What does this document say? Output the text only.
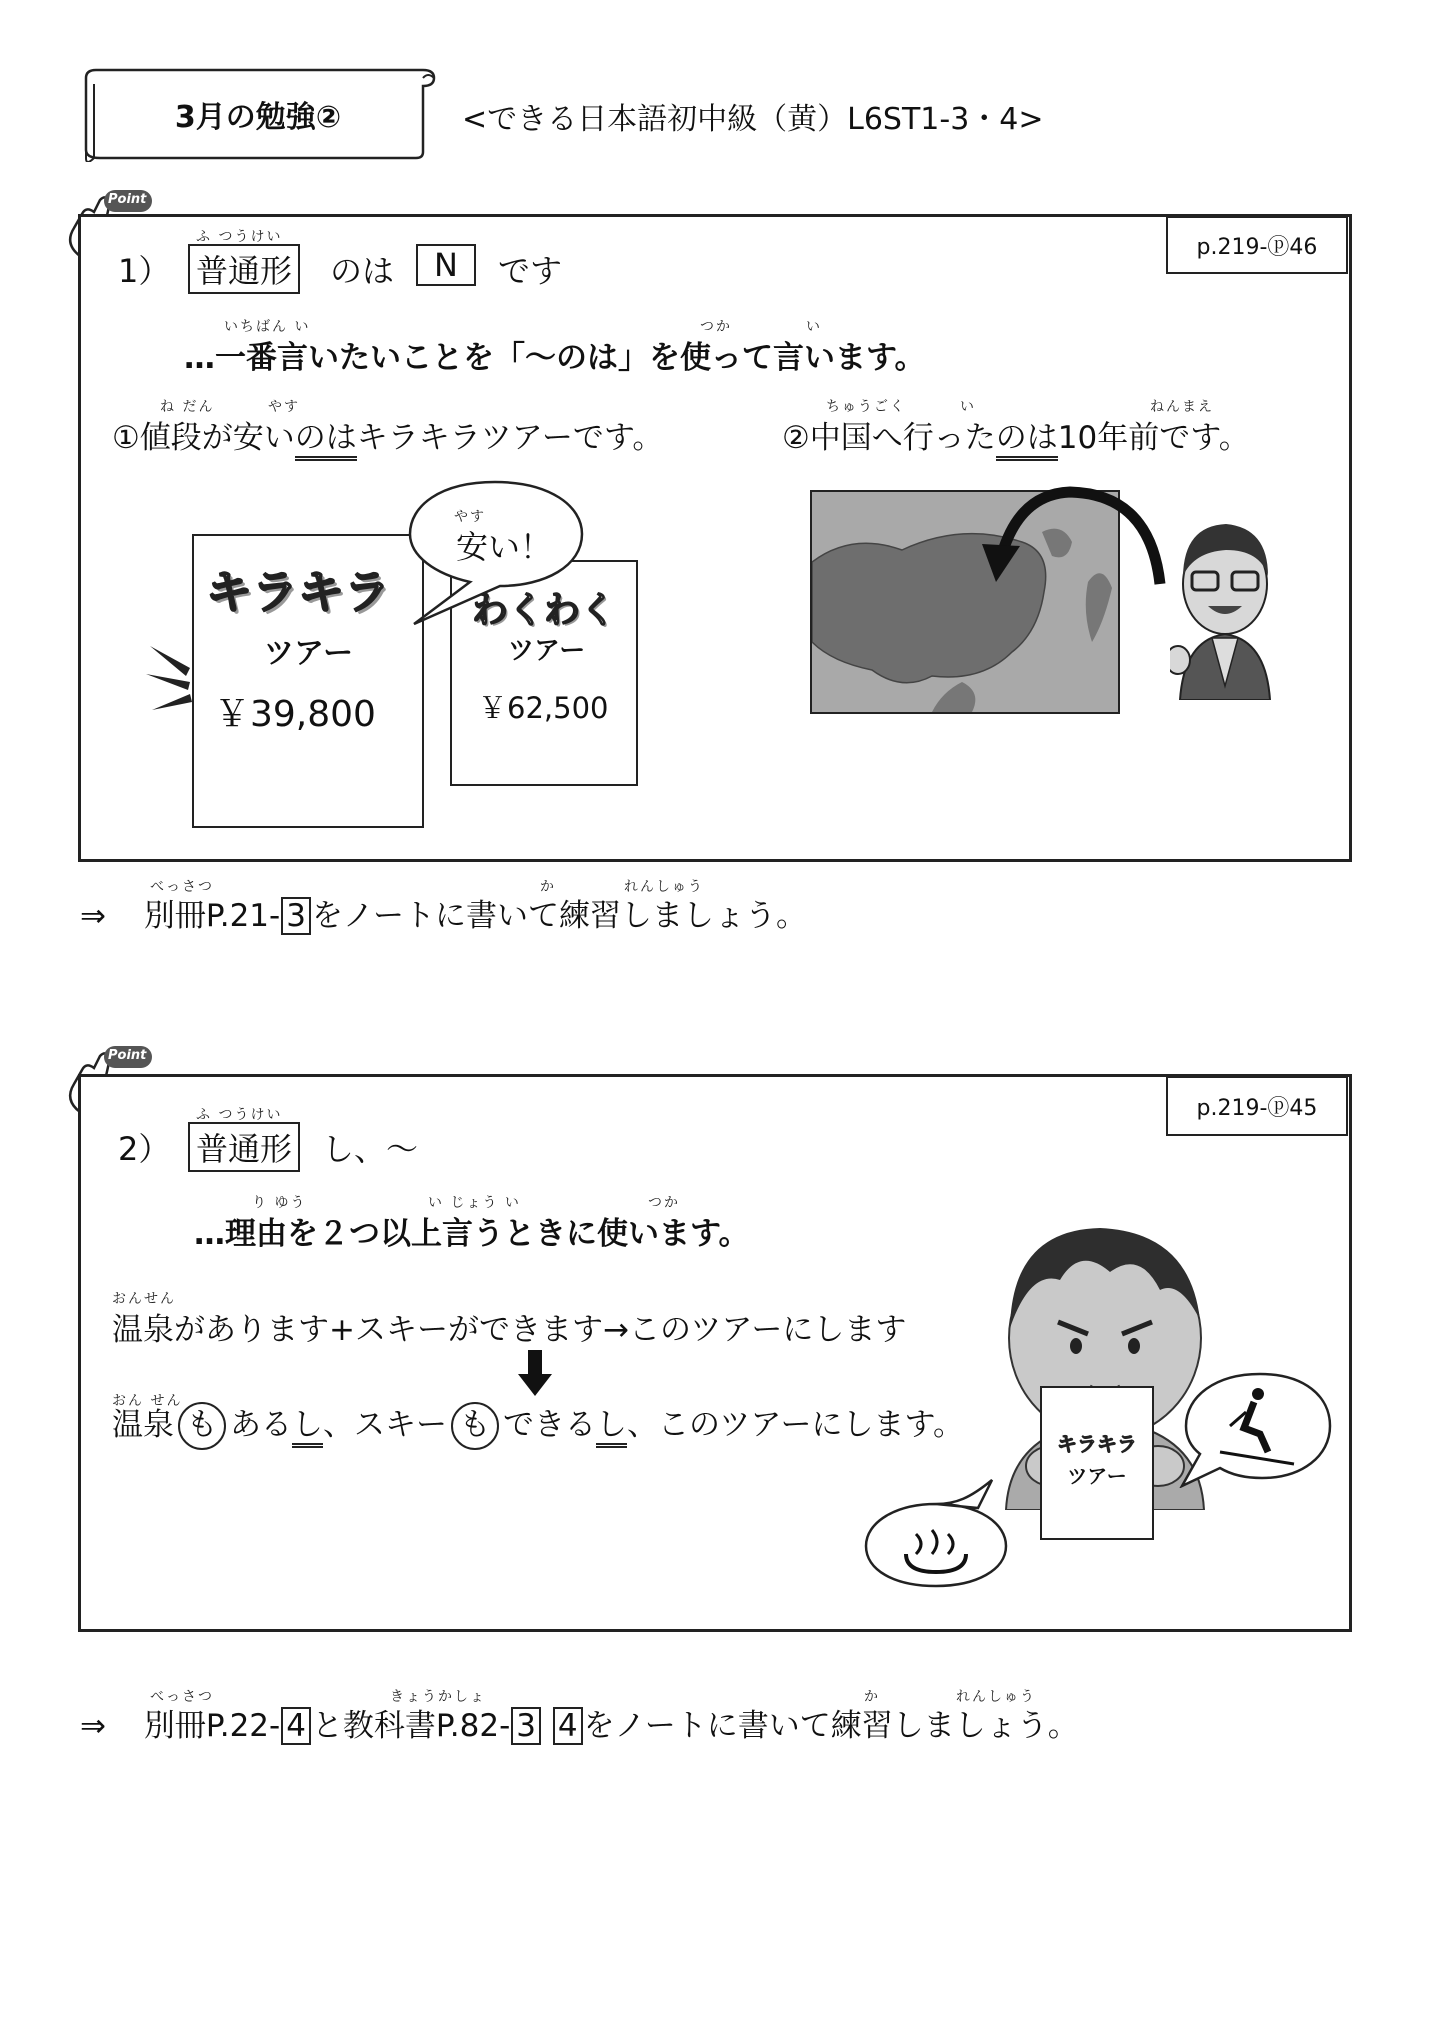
3月の勉強②	<できる日本語初中級（黄）L6ST1-3・4>
Point
p.219-ⓟ46
1）
ふ つうけい
普通形 のは	N	です
いちばん い	つか	い
…一番言いたいことを「～のは」を使って言います。
ね だん	やす
①値段が安いのはキラキラツアーです。
ちゅうごく	い	ねんまえ
②中国へ行ったのは10年前です。
キラキラ
ツアー
￥39,800
わくわく
ツアー
￥62,500
やす
安い！
べっさつ	か	れんしゅう
⇒ 別冊P.21- 3 をノートに書いて練習しましょう。
Point
p.219-ⓟ45
2）
ふ つうけい
普通形 し、～
り ゆう	い じょう い	つか
…理由を２つ以上言うときに使います。
おんせん
温泉があります+スキーができます→このツアーにします
おん せん
温泉 も あるし、スキー も できるし、このツアーにします。
キラキラ
ツアー
べっさつ	きょうかしょ	か	れんしゅう
⇒ 別冊P.22- 4 と教科書P.82- 3 4 をノートに書いて練習しましょう。
